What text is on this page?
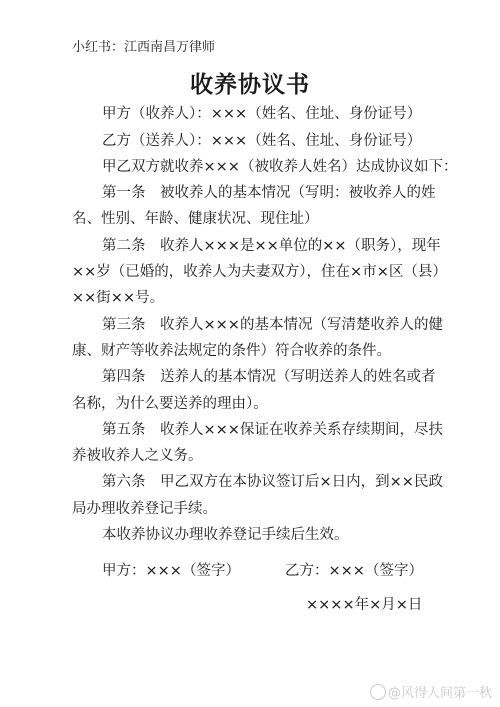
小红书：江西南昌万律师
收养协议书
甲方（收养人）：×××（姓名、住址、身份证号）
乙方（送养人）：×××（姓名、住址、身份证号）
甲乙双方就收养×××（被收养人姓名）达成协议如下：
第一条　被收养人的基本情况（写明：被收养人的姓
名、性别、年龄、健康状况、现住址）
第二条　收养人×××是××单位的××（职务），现年
××岁（已婚的，收养人为夫妻双方），住在×市×区（县）
××街××号。
第三条　收养人×××的基本情况（写清楚收养人的健
康、财产等收养法规定的条件）符合收养的条件。
第四条　送养人的基本情况（写明送养人的姓名或者
名称，为什么要送养的理由）。
第五条　收养人×××保证在收养关系存续期间，尽扶
养被收养人之义务。
第六条　甲乙双方在本协议签订后×日内，到××民政
局办理收养登记手续。
本收养协议办理收养登记手续后生效。
甲方：×××（签字）	乙方：×××（签字）
××××年×月×日
@风得人间第一秋
